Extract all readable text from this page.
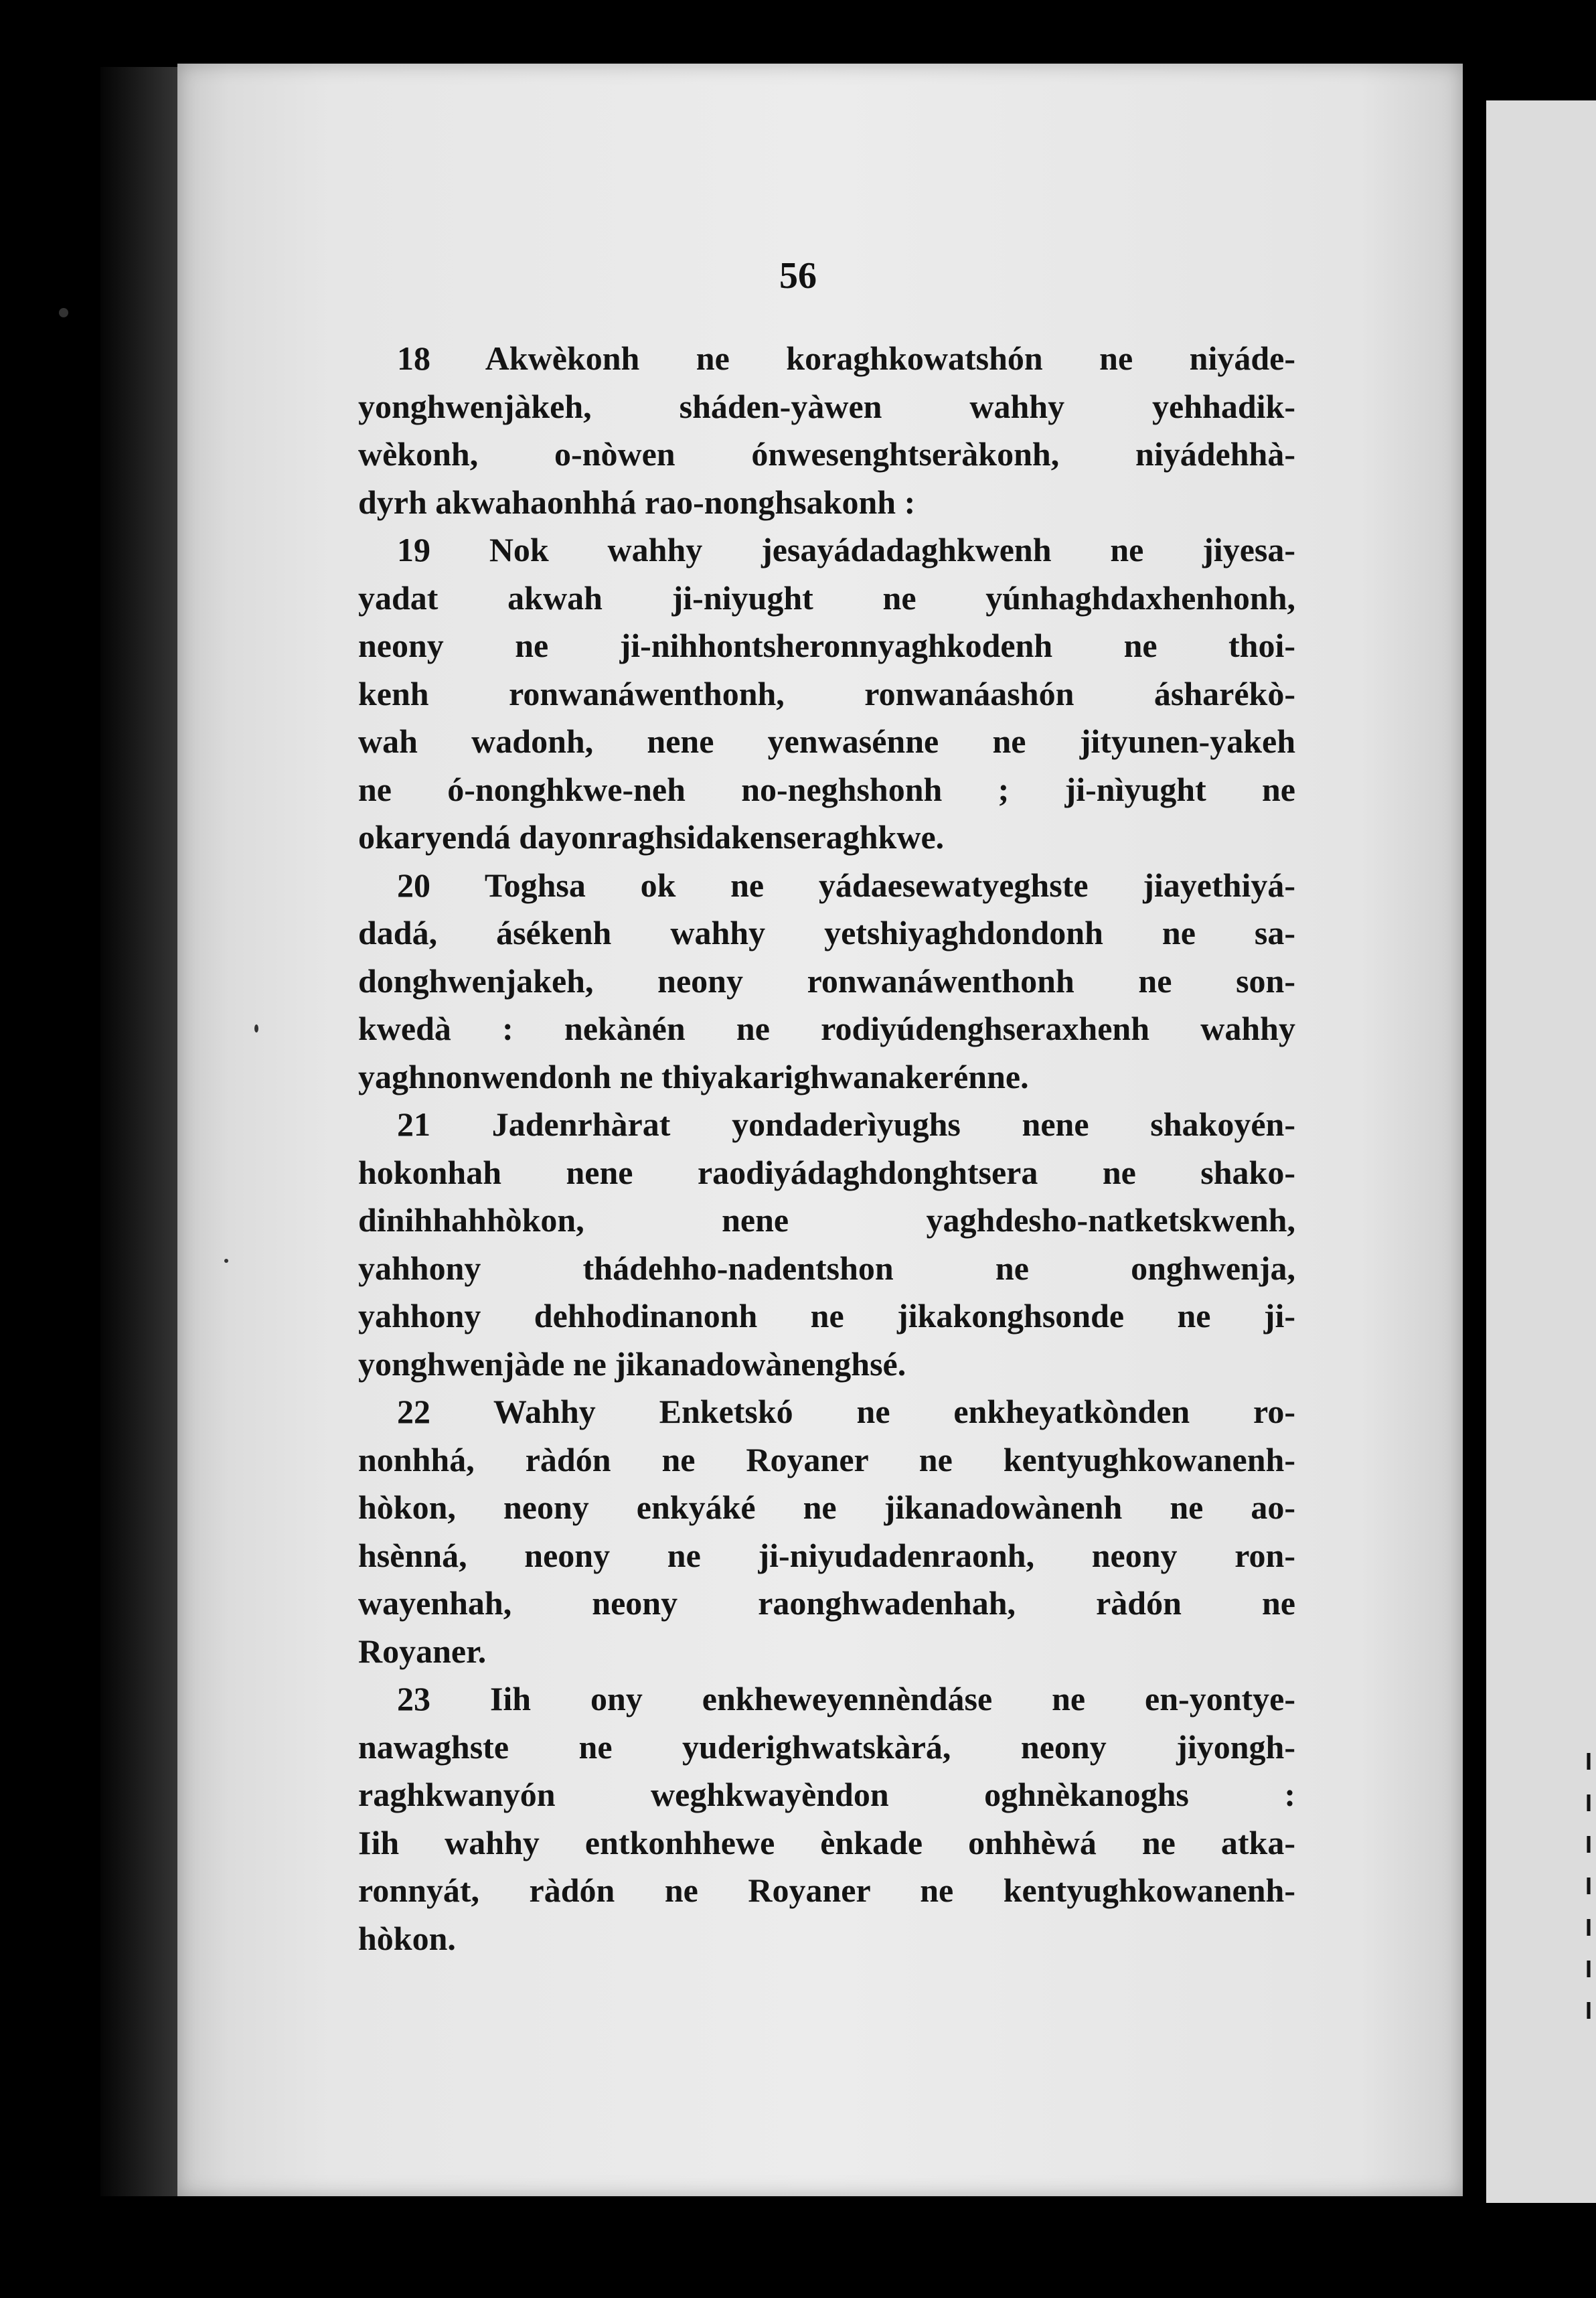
I
I
I
I
I
I
I
56
18 Akwèkonh ne koraghkowatshón ne niyáde-
yonghwenjàkeh, sháden-yàwen wahhy yehhadik-
wèkonh, o-nòwen ónwesenghtseràkonh, niyádehhà-
dyrh akwahaonhhá rao-nonghsakonh :
19 Nok wahhy jesayádadaghkwenh ne jiyesa-
yadat akwah ji-niyught ne yúnhaghdaxhenhonh,
neony ne ji-nihhontsheronnyaghkodenh ne thoi-
kenh ronwanáwenthonh, ronwanáashón ásharékò-
wah wadonh, nene yenwasénne ne jityunen-yakeh
ne ó-nonghkwe-neh no-neghshonh ; ji-nìyught ne
okaryendá dayonraghsidakenseraghkwe.
20 Toghsa ok ne yádaesewatyeghste jiayethiyá-
dadá, ásékenh wahhy yetshiyaghdondonh ne sa-
donghwenjakeh, neony ronwanáwenthonh ne son-
kwedà : nekànén ne rodiyúdenghseraxhenh wahhy
yaghnonwendonh ne thiyakarighwanakerénne.
21 Jadenrhàrat yondaderìyughs nene shakoyén-
hokonhah nene raodiyádaghdonghtsera ne shako-
dinihhahhòkon, nene yaghdesho-natketskwenh,
yahhony thádehho-nadentshon ne onghwenja,
yahhony dehhodinanonh ne jikakonghsonde ne ji-
yonghwenjàde ne jikanadowànenghsé.
22 Wahhy Enketskó ne enkheyatkònden ro-
nonhhá, ràdón ne Royaner ne kentyughkowanenh-
hòkon, neony enkyáké ne jikanadowànenh ne ao-
hsènná, neony ne ji-niyudadenraonh, neony ron-
wayenhah, neony raonghwadenhah, ràdón ne
Royaner.
23 Iih ony enkheweyennèndáse ne en-yontye-
nawaghste ne yuderighwatskàrá, neony jiyongh-
raghkwanyón weghkwayèndon oghnèkanoghs :
Iih wahhy entkonhhewe ènkade onhhèwá ne atka-
ronnyát, ràdón ne Royaner ne kentyughkowanenh-
hòkon.
